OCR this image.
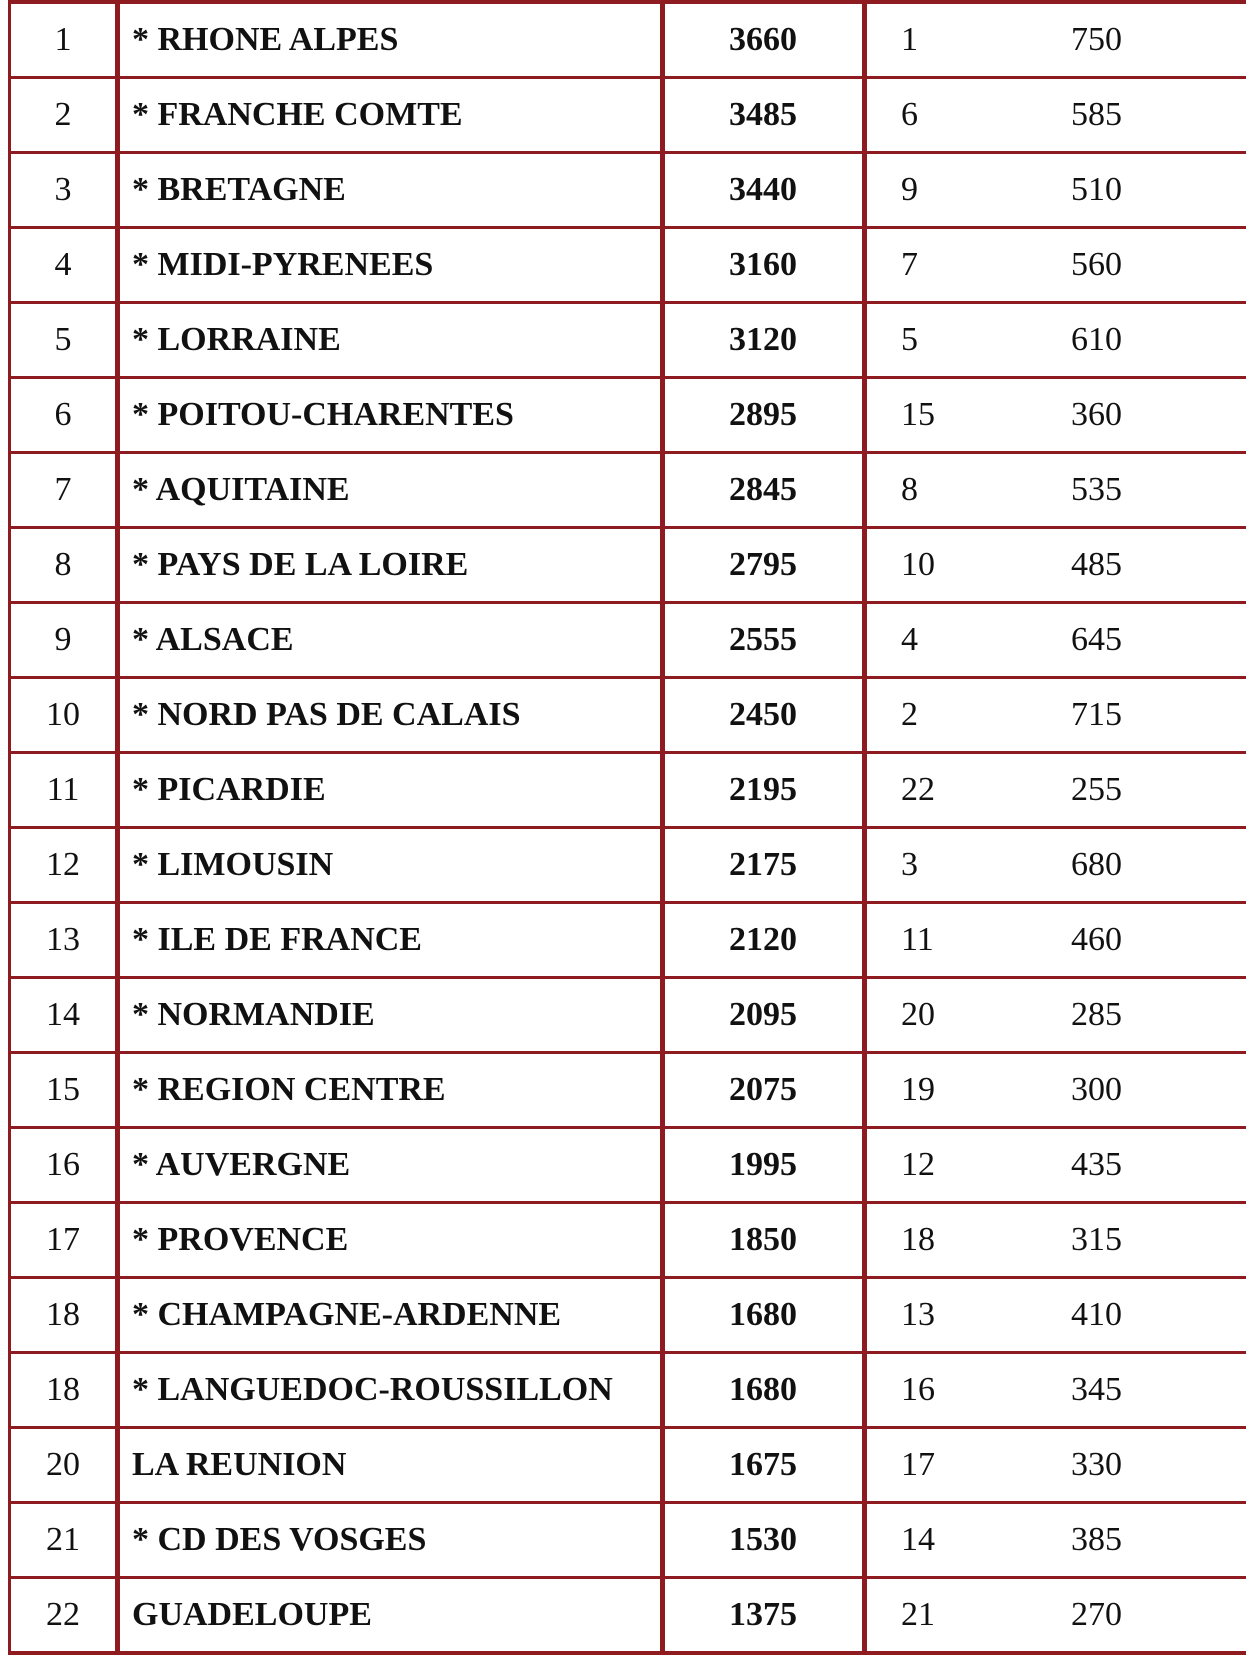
1	* RHONE ALPES	3660	1 750

2	* FRANCHE COMTE	3485	6 585

3	* BRETAGNE	3440	9 510

4	* MIDI-PYRENEES	3160	7 560

5	* LORRAINE	3120	5 610

6	* POITOU-CHARENTES	2895	15 360

7	* AQUITAINE	2845	8 535

8	* PAYS DE LA LOIRE	2795	10 485

9	* ALSACE	2555	4 645

10	* NORD PAS DE CALAIS	2450	2 715

11	* PICARDIE	2195	22 255

12	* LIMOUSIN	2175	3 680

13	* ILE DE FRANCE	2120	11 460

14	* NORMANDIE	2095	20 285

15	* REGION CENTRE	2075	19 300

16	* AUVERGNE	1995	12 435

17	* PROVENCE	1850	18 315

18	* CHAMPAGNE-ARDENNE	1680	13 410

18	* LANGUEDOC-ROUSSILLON	1680	16 345

20	LA REUNION	1675	17 330

21	* CD DES VOSGES	1530	14 385

22	GUADELOUPE	1375	21 270
